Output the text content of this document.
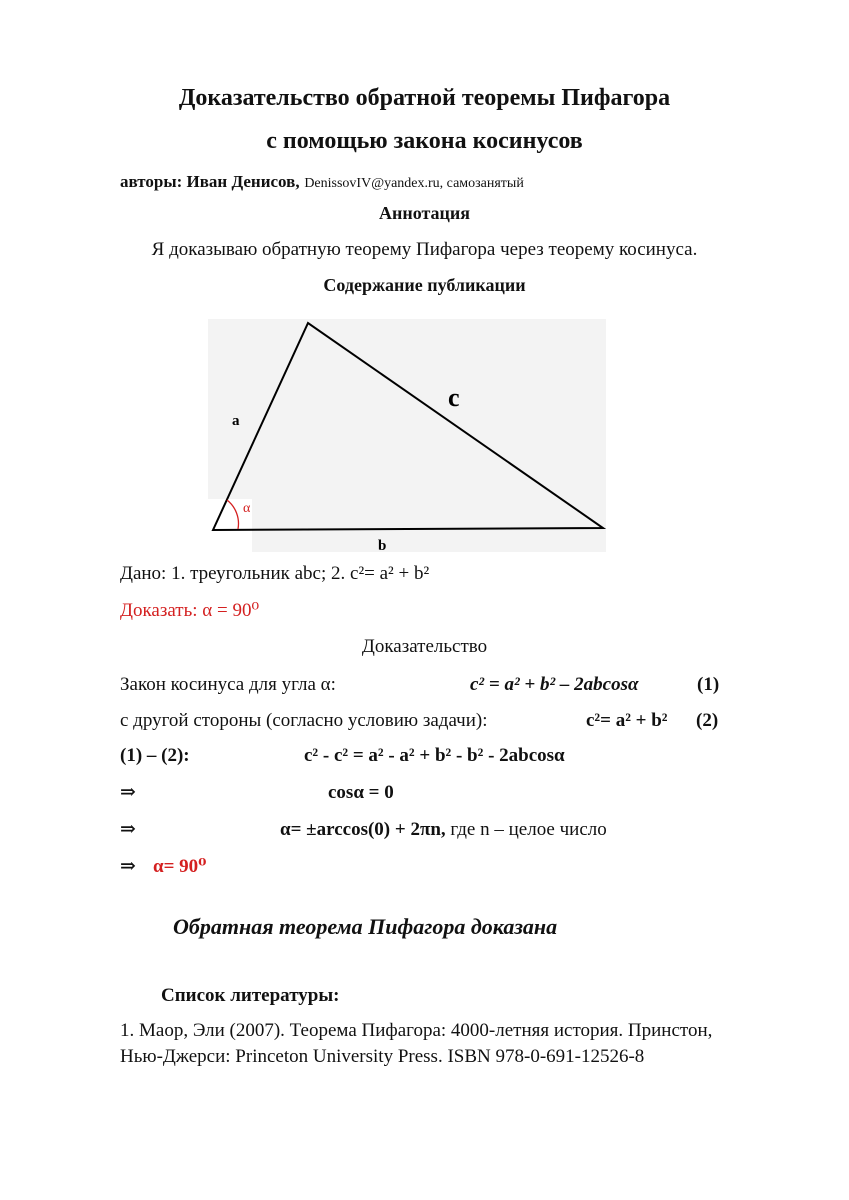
Доказательство обратной теоремы Пифагора
с помощью закона косинусов
авторы: Иван Денисов, DenissovIV@yandex.ru, самозанятый
Аннотация
Я доказываю обратную теорему Пифагора через теорему косинуса.
Содержание публикации
a
c
b
α
Дано: 1. треугольник abc; 2. c²= a² + b²
Доказать: α = 90⁰
Доказательство
Закон косинуса для угла α:	c² = a² + b² – 2abcosα	(1)
с другой стороны (согласно условию задачи):	c²= a² + b² (2)
(1) – (2):	c² - c² = a² - a² + b² - b² - 2abcosα
⇒	cosα = 0
⇒	α= ±arccos(0) + 2πn, где n – целое число
⇒ α= 90⁰
Обратная теорема Пифагора доказана
Список литературы:
1. Маор, Эли (2007). Теорема Пифагора: 4000-летняя история. Принстон,
Нью-Джерси: Princeton University Press. ISBN 978-0-691-12526-8
